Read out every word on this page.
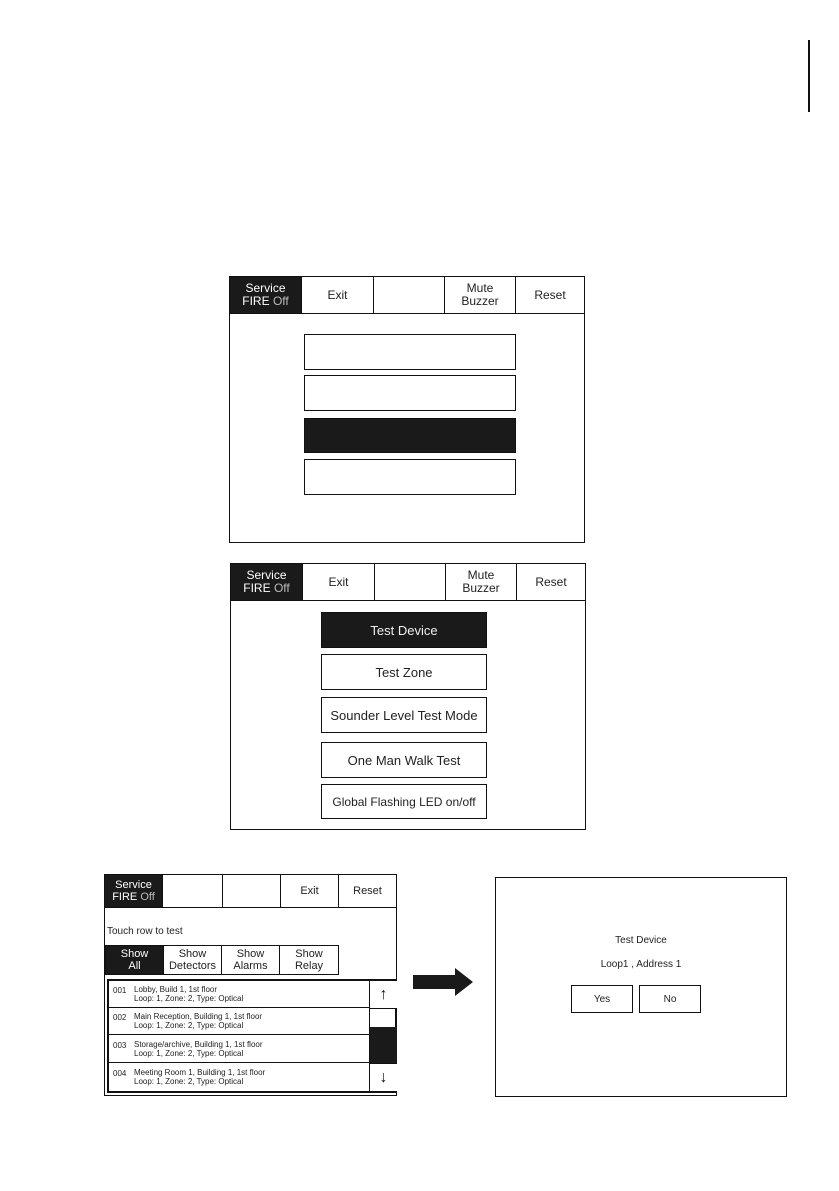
Service
FIRE Off	Exit	Mute
Buzzer	Reset
Service
FIRE Off	Exit	Mute
Buzzer	Reset
Test Device
Test Zone
Sounder Level Test Mode
One Man Walk Test
Global Flashing LED on/off
Service
FIRE Off
Exit	Reset
Touch row to test
Show
All
Show
Detectors
Show
Alarms
Show
Relay
001 Lobby, Build 1, 1st floor
Loop: 1, Zone: 2, Type: Optical
002 Main Reception, Building 1, 1st floor
Loop: 1, Zone: 2, Type: Optical
003 Storage/archive, Building 1, 1st floor
Loop: 1, Zone: 2, Type: Optical
004 Meeting Room 1, Building 1, 1st floor
Loop: 1, Zone: 2, Type: Optical
↑
↓
Test Device
Loop1 , Address 1
Yes	No
